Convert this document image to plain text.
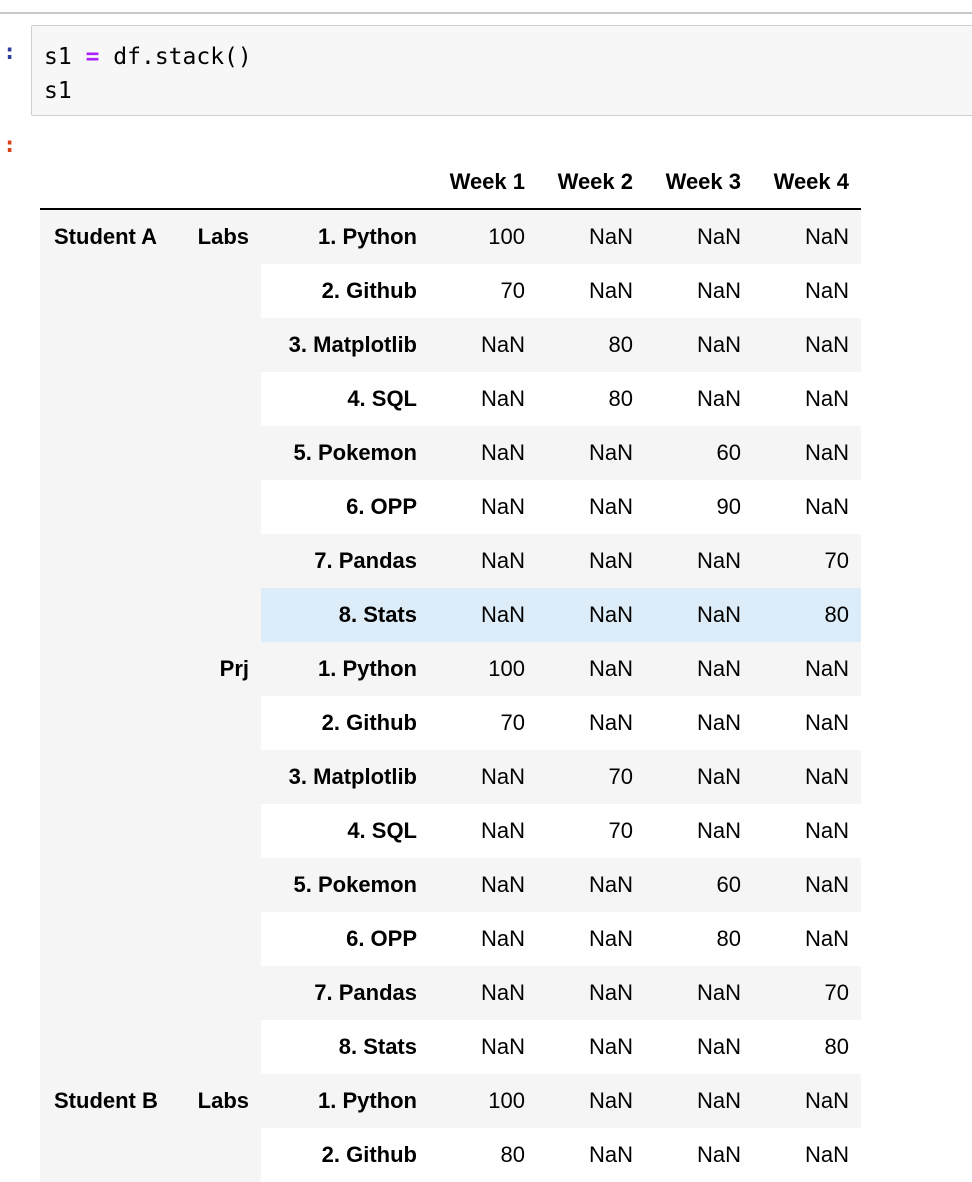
: s1 = df.stack()
s1
:
			Week 1	Week 2	Week 3	Week 4
Student A	Labs	1. Python	100	NaN	NaN	NaN
		2. Github	70	NaN	NaN	NaN
		3. Matplotlib	NaN	80	NaN	NaN
		4. SQL	NaN	80	NaN	NaN
		5. Pokemon	NaN	NaN	60	NaN
		6. OPP	NaN	NaN	90	NaN
		7. Pandas	NaN	NaN	NaN	70
		8. Stats	NaN	NaN	NaN	80
	Prj	1. Python	100	NaN	NaN	NaN
		2. Github	70	NaN	NaN	NaN
		3. Matplotlib	NaN	70	NaN	NaN
		4. SQL	NaN	70	NaN	NaN
		5. Pokemon	NaN	NaN	60	NaN
		6. OPP	NaN	NaN	80	NaN
		7. Pandas	NaN	NaN	NaN	70
		8. Stats	NaN	NaN	NaN	80
Student B	Labs	1. Python	100	NaN	NaN	NaN
		2. Github	80	NaN	NaN	NaN
